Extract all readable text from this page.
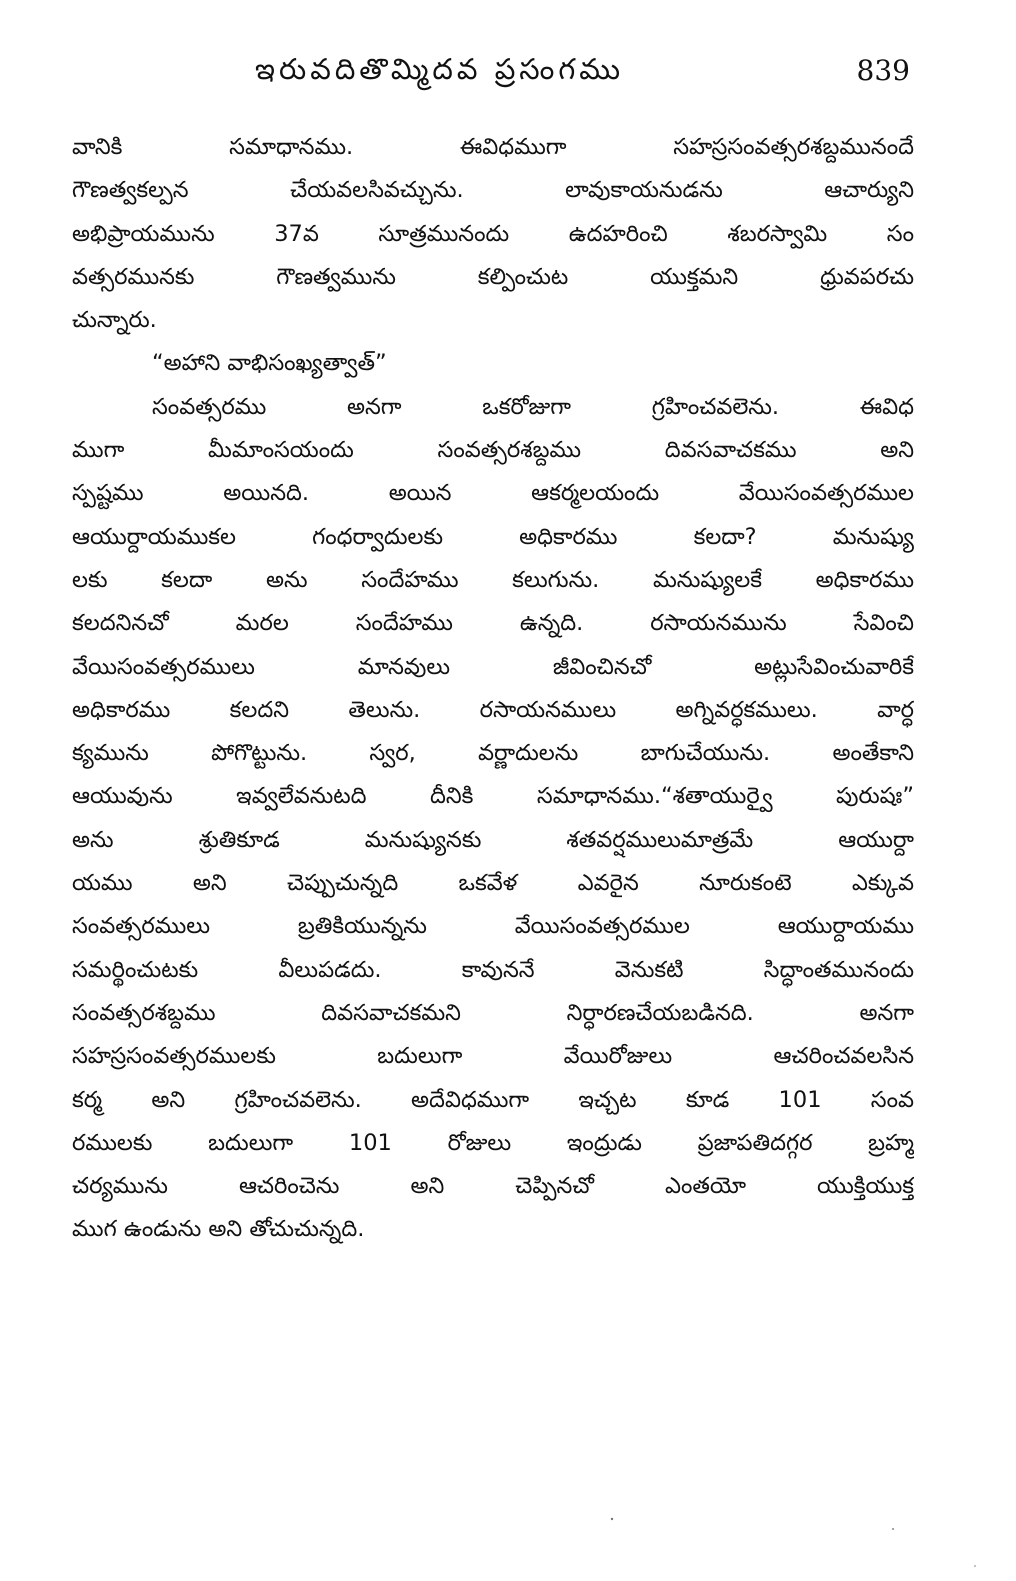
ఇరువదితొమ్మిదవ ప్రసంగము	839
వానికి సమాధానము. ఈవిధముగా సహస్రసంవత్సరశబ్దమునందే
గౌణత్వకల్పన చేయవలసివచ్చును. లావుకాయనుడను ఆచార్యుని
అభిప్రాయమును 37వ సూత్రమునందు ఉదహరించి శబరస్వామి సం
వత్సరమునకు గౌణత్వమును కల్పించుట యుక్తమని ధ్రువపరచు
చున్నారు.
“అహాని వాభిసంఖ్యత్వాత్”
సంవత్సరము అనగా ఒకరోజుగా గ్రహించవలెను. ఈవిధ
ముగా మీమాంసయందు సంవత్సరశబ్దము దివసవాచకము అని
స్పష్టము అయినది. అయిన ఆకర్మలయందు వేయిసంవత్సరముల
ఆయుర్దాయముకల గంధర్వాదులకు అధికారము కలదా? మనుష్యు
లకు కలదా అను సందేహము కలుగును. మనుష్యులకే అధికారము
కలదనినచో మరల సందేహము ఉన్నది. రసాయనమును సేవించి
వేయిసంవత్సరములు మానవులు జీవించినచో అట్లుసేవించువారికే
అధికారము కలదని తెలును. రసాయనములు అగ్నివర్ధకములు. వార్ధ
క్యమును పోగొట్టును. స్వర, వర్ణాదులను బాగుచేయును. అంతేకాని
ఆయువును ఇవ్వలేవనుటది దీనికి సమాధానము.“శతాయుర్వై పురుషః”
అను శ్రుతికూడ మనుష్యునకు శతవర్షములుమాత్రమే ఆయుర్దా
యము అని చెప్పుచున్నది ఒకవేళ ఎవరైన నూరుకంటె ఎక్కువ
సంవత్సరములు బ్రతికియున్నను వేయిసంవత్సరముల ఆయుర్దాయము
సమర్థించుటకు వీలుపడదు. కావుననే వెనుకటి సిద్ధాంతమునందు
సంవత్సరశబ్దము దివసవాచకమని నిర్ధారణచేయబడినది. అనగా
సహస్రసంవత్సరములకు బదులుగా వేయిరోజులు ఆచరించవలసిన
కర్మ అని గ్రహించవలెను. అదేవిధముగా ఇచ్చట కూడ 101 సంవ
రములకు బదులుగా 101 రోజులు ఇంద్రుడు ప్రజాపతిదగ్గర బ్రహ్మ
చర్యమును ఆచరించెను అని చెప్పినచో ఎంతయో యుక్తియుక్త
ముగ ఉండును అని తోచుచున్నది.
